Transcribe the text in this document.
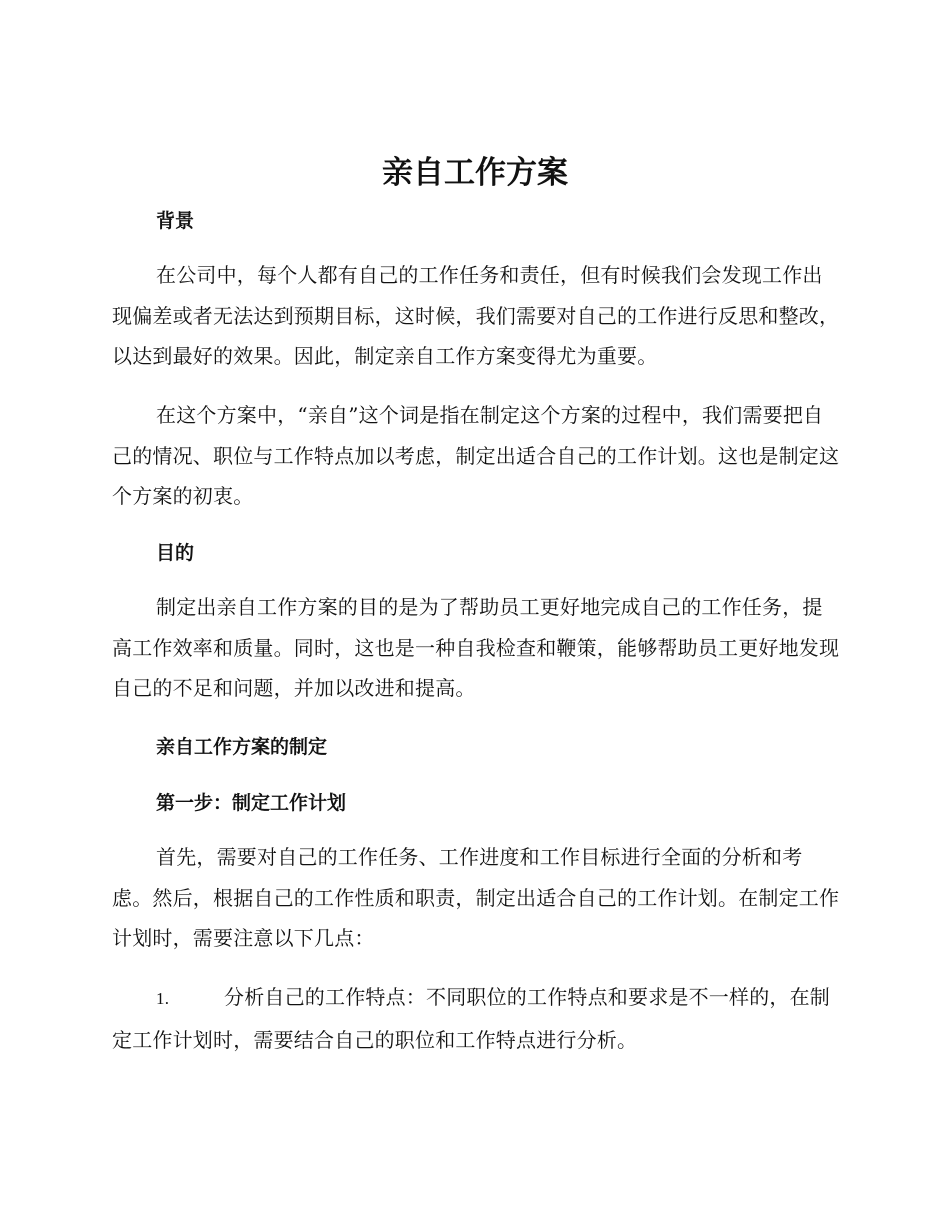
亲自工作方案
背景

在公司中，每个人都有自己的工作任务和责任，但有时候我们会发现工作出现偏差或者无法达到预期目标，这时候，我们需要对自己的工作进行反思和整改，以达到最好的效果。因此，制定亲自工作方案变得尤为重要。

在这个方案中，“亲自”这个词是指在制定这个方案的过程中，我们需要把自己的情况、职位与工作特点加以考虑，制定出适合自己的工作计划。这也是制定这个方案的初衷。

目的

制定出亲自工作方案的目的是为了帮助员工更好地完成自己的工作任务，提高工作效率和质量。同时，这也是一种自我检查和鞭策，能够帮助员工更好地发现自己的不足和问题，并加以改进和提高。

亲自工作方案的制定
第一步：制定工作计划

首先，需要对自己的工作任务、工作进度和工作目标进行全面的分析和考虑。然后，根据自己的工作性质和职责，制定出适合自己的工作计划。在制定工作计划时，需要注意以下几点：

1.	分析自己的工作特点：不同职位的工作特点和要求是不一样的，在制定工作计划时，需要结合自己的职位和工作特点进行分析。
